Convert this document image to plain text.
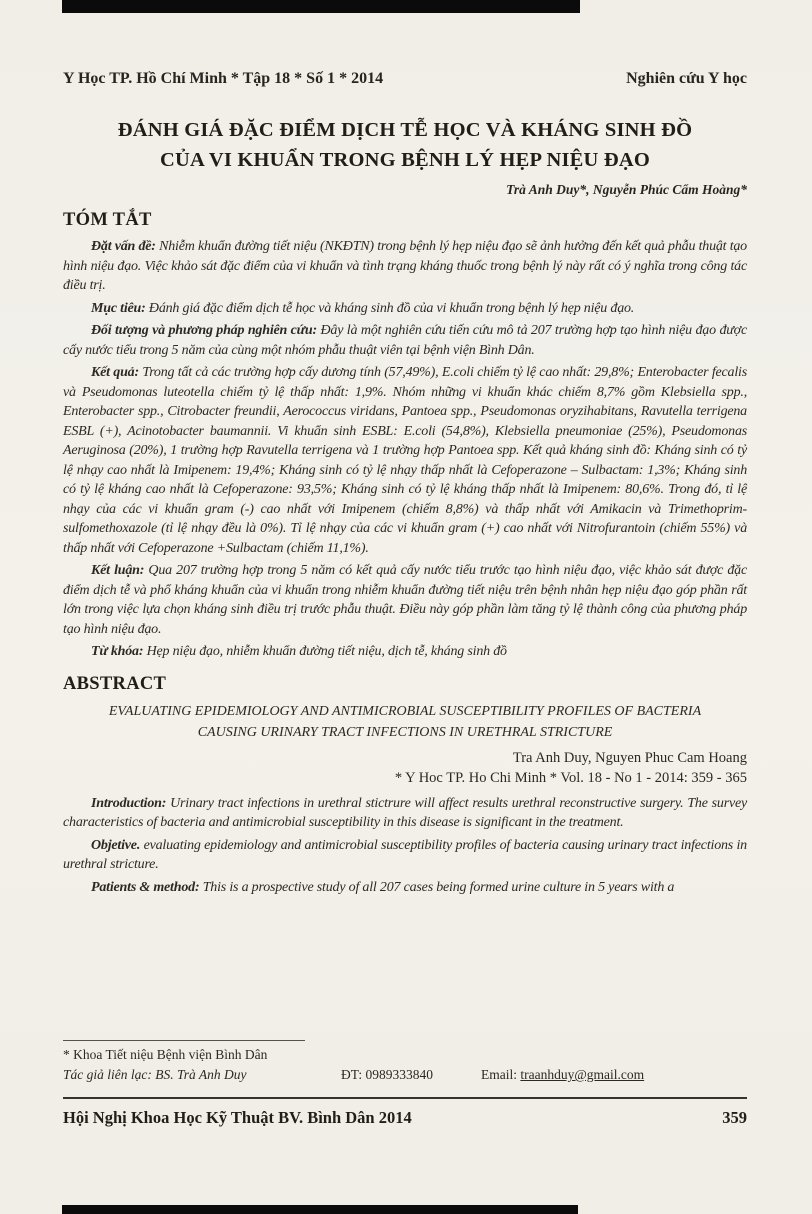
Y Học TP. Hồ Chí Minh * Tập 18 * Số 1 * 2014	Nghiên cứu Y học
ĐÁNH GIÁ ĐẶC ĐIỂM DỊCH TỄ HỌC VÀ KHÁNG SINH ĐỒ
CỦA VI KHUẨN TRONG BỆNH LÝ HẸP NIỆU ĐẠO
Trà Anh Duy*, Nguyễn Phúc Cẩm Hoàng*
TÓM TẮT

Đặt vấn đề: Nhiễm khuẩn đường tiết niệu (NKĐTN) trong bệnh lý hẹp niệu đạo sẽ ảnh hưởng đến kết quả phẫu thuật tạo hình niệu đạo. Việc khảo sát đặc điểm của vi khuẩn và tình trạng kháng thuốc trong bệnh lý này rất có ý nghĩa trong công tác điều trị.

Mục tiêu: Đánh giá đặc điểm dịch tễ học và kháng sinh đồ của vi khuẩn trong bệnh lý hẹp niệu đạo.

Đối tượng và phương pháp nghiên cứu: Đây là một nghiên cứu tiến cứu mô tả 207 trường hợp tạo hình niệu đạo được cấy nước tiểu trong 5 năm của cùng một nhóm phẫu thuật viên tại bệnh viện Bình Dân.

Kết quả: Trong tất cả các trường hợp cấy dương tính (57,49%), E.coli chiếm tỷ lệ cao nhất: 29,8%; Enterobacter fecalis và Pseudomonas luteotella chiếm tỷ lệ thấp nhất: 1,9%. Nhóm những vi khuẩn khác chiếm 8,7% gồm Klebsiella spp., Enterobacter spp., Citrobacter freundii, Aerococcus viridans, Pantoea spp., Pseudomonas oryzihabitans, Ravutella terrigena ESBL (+), Acinotobacter baumannii. Vi khuẩn sinh ESBL: E.coli (54,8%), Klebsiella pneumoniae (25%), Pseudomonas Aeruginosa (20%), 1 trường hợp Ravutella terrigena và 1 trường hợp Pantoea spp. Kết quả kháng sinh đồ: Kháng sinh có tỷ lệ nhạy cao nhất là Imipenem: 19,4%; Kháng sinh có tỷ lệ nhạy thấp nhất là Cefoperazone – Sulbactam: 1,3%; Kháng sinh có tỷ lệ kháng cao nhất là Cefoperazone: 93,5%; Kháng sinh có tỷ lệ kháng thấp nhất là Imipenem: 80,6%. Trong đó, tỉ lệ nhạy của các vi khuẩn gram (-) cao nhất với Imipenem (chiếm 8,8%) và thấp nhất với Amikacin và Trimethoprim-sulfomethoxazole (tỉ lệ nhạy đều là 0%). Tỉ lệ nhạy của các vi khuẩn gram (+) cao nhất với Nitrofurantoin (chiếm 55%) và thấp nhất với Cefoperazone +Sulbactam (chiếm 11,1%).

Kết luận: Qua 207 trường hợp trong 5 năm có kết quả cấy nước tiểu trước tạo hình niệu đạo, việc khảo sát được đặc điểm dịch tễ và phổ kháng khuẩn của vi khuẩn trong nhiễm khuẩn đường tiết niệu trên bệnh nhân hẹp niệu đạo góp phần rất lớn trong việc lựa chọn kháng sinh điều trị trước phẫu thuật. Điều này góp phần làm tăng tỷ lệ thành công của phương pháp tạo hình niệu đạo.

Từ khóa: Hẹp niệu đạo, nhiễm khuẩn đường tiết niệu, dịch tễ, kháng sinh đồ

ABSTRACT
EVALUATING EPIDEMIOLOGY AND ANTIMICROBIAL SUSCEPTIBILITY PROFILES OF BACTERIA
CAUSING URINARY TRACT INFECTIONS IN URETHRAL STRICTURE
Tra Anh Duy, Nguyen Phuc Cam Hoang
* Y Hoc TP. Ho Chi Minh * Vol. 18 - No 1 - 2014: 359 - 365

Introduction: Urinary tract infections in urethral stictrure will affect results urethral reconstructive surgery. The survey characteristics of bacteria and antimicrobial susceptibility in this disease is significant in the treatment.

Objetive. evaluating epidemiology and antimicrobial susceptibility profiles of bacteria causing urinary tract infections in urethral stricture.

Patients & method: This is a prospective study of all 207 cases being formed urine culture in 5 years with a

* Khoa Tiết niệu Bệnh viện Bình Dân
Tác giả liên lạc: BS. Trà Anh Duy	ĐT: 0989333840	Email: traanhduy@gmail.com
Hội Nghị Khoa Học Kỹ Thuật BV. Bình Dân 2014	359
